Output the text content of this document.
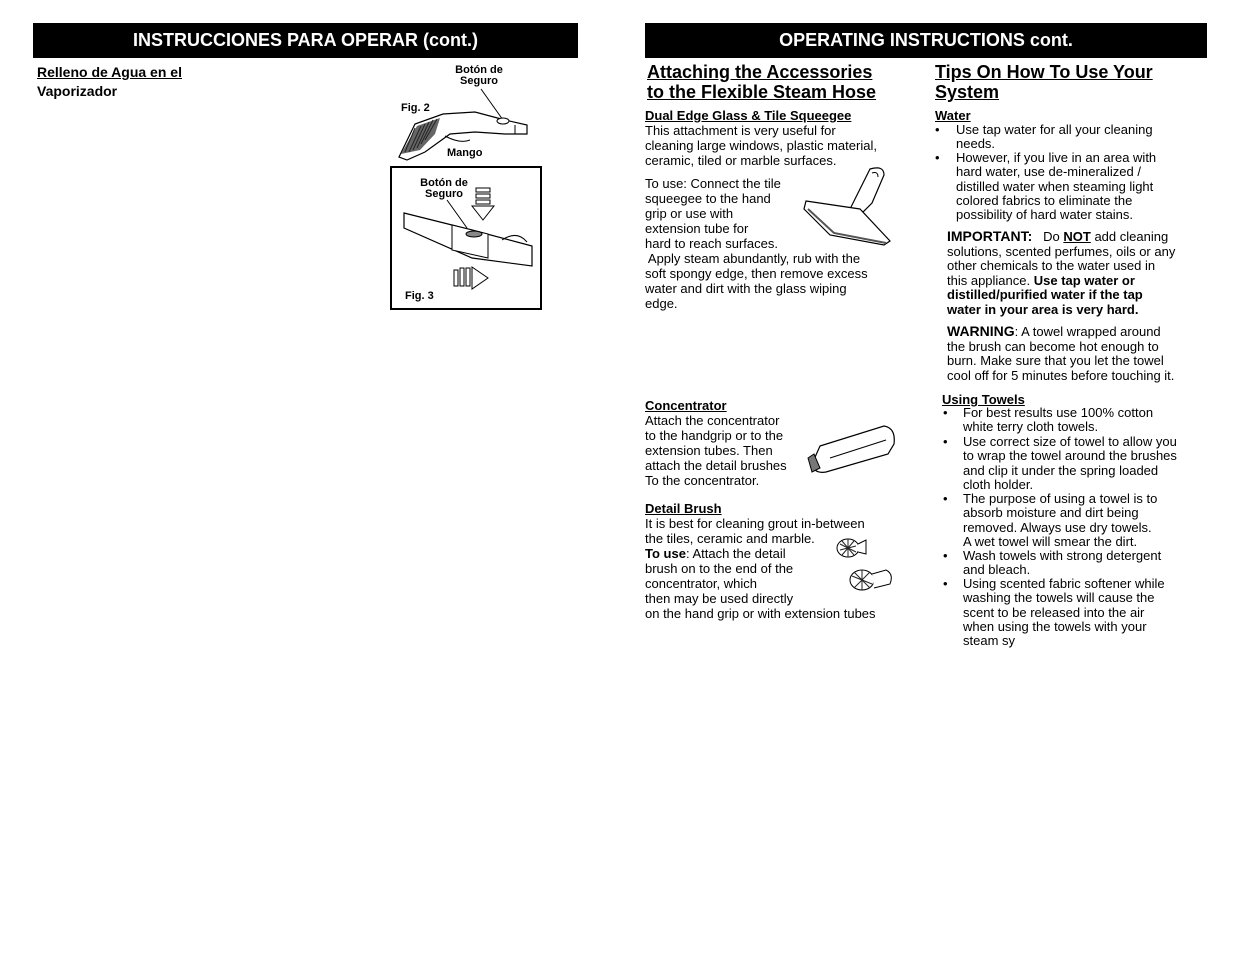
INSTRUCCIONES PARA OPERAR (cont.)
Relleno de Agua en el
Vaporizador
Botón de
Seguro
Fig. 2
Mango
Botón de
Seguro
Fig. 3
OPERATING INSTRUCTIONS cont.
Attaching the Accessories
to the Flexible Steam Hose
Dual Edge Glass & Tile Squeegee
This attachment is very useful for
cleaning large windows, plastic material,
ceramic, tiled or marble surfaces.
To use: Connect the tile
squeegee to the hand
grip or use with
extension tube for
hard to reach surfaces.
Apply steam abundantly, rub with the
soft spongy edge, then remove excess
water and dirt with the glass wiping
edge.
Concentrator
Attach the concentrator
to the handgrip or to the
extension tubes. Then
attach the detail brushes
To the concentrator.
Detail Brush
It is best for cleaning grout in-between
the tiles, ceramic and marble.
To use: Attach the detail
brush on to the end of the
concentrator, which
then may be used directly
on the hand grip or with extension tubes
Tips On How To Use Your
System
Water
• Use tap water for all your cleaning
needs.
• However, if you live in an area with
hard water, use de-mineralized /
distilled water when steaming light
colored fabrics to eliminate the
possibility of hard water stains.
IMPORTANT: Do NOT add cleaning
solutions, scented perfumes, oils or any
other chemicals to the water used in
this appliance. Use tap water or
distilled/purified water if the tap
water in your area is very hard.
WARNING: A towel wrapped around
the brush can become hot enough to
burn. Make sure that you let the towel
cool off for 5 minutes before touching it.
Using Towels
• For best results use 100% cotton
white terry cloth towels.
• Use correct size of towel to allow you
to wrap the towel around the brushes
and clip it under the spring loaded
cloth holder.
• The purpose of using a towel is to
absorb moisture and dirt being
removed. Always use dry towels.
A wet towel will smear the dirt.
• Wash towels with strong detergent
and bleach.
• Using scented fabric softener while
washing the towels will cause the
scent to be released into the air
when using the towels with your
steam sy
